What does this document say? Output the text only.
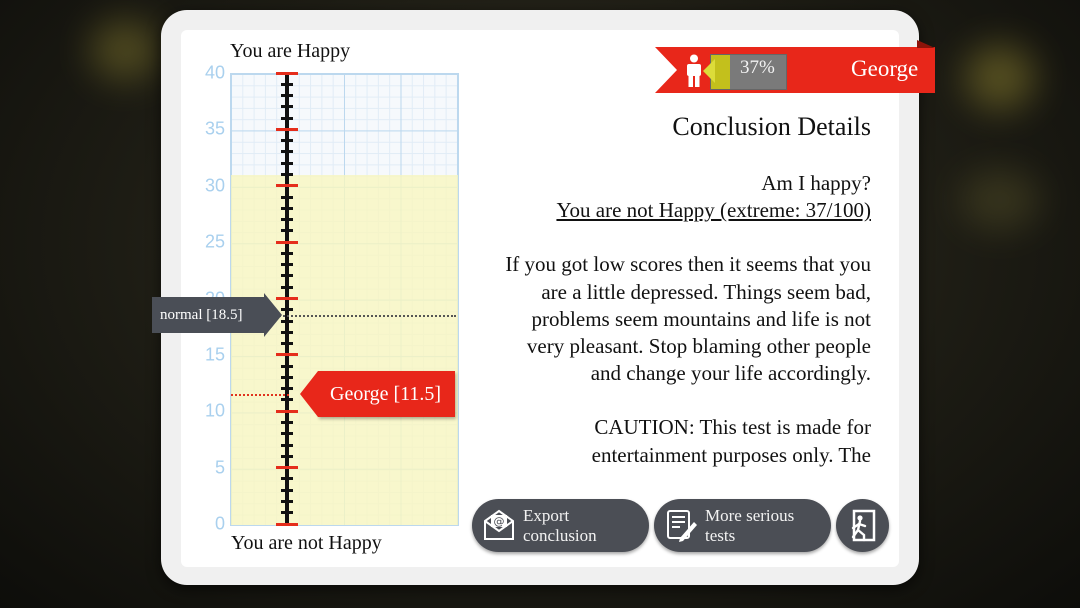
You are Happy
0
5
10
15
25
30
35
40
normal [18.5]
George [11.5]
You are not Happy
37%	George
Conclusion Details

Am I happy?

You are not Happy (extreme: 37/100)

If you got low scores then it seems that you are a little depressed. Things seem bad, problems seem mountains and life is not very pleasant. Stop blaming other people and change your life accordingly.

CAUTION: This test is made for entertainment purposes only. The

@ Export
conclusion
More serious
tests
